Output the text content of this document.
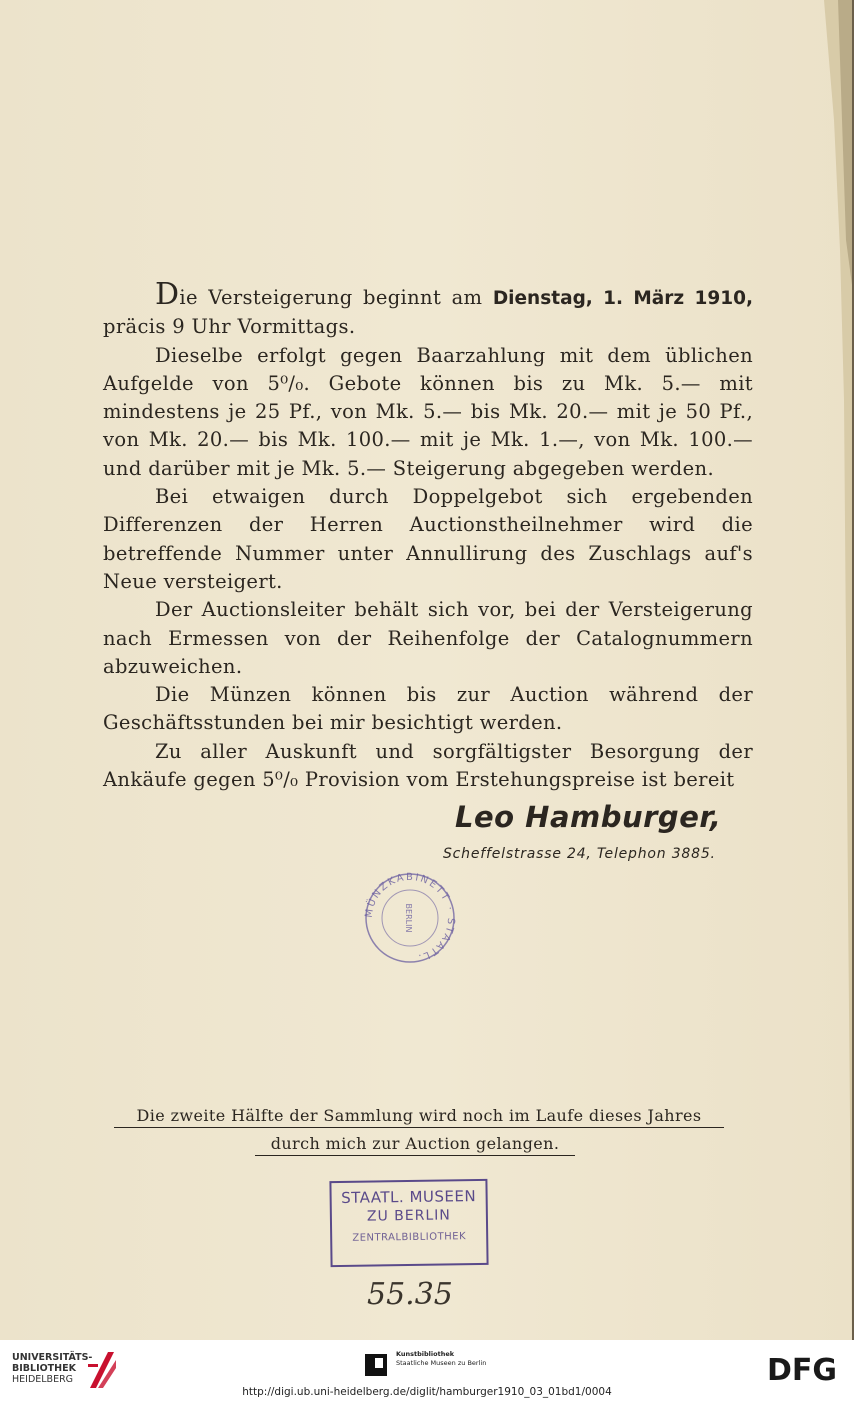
Die Versteigerung beginnt am Dienstag, 1. März 1910, präcis 9 Uhr Vormittags.

Dieselbe erfolgt gegen Baarzahlung mit dem üblichen Aufgelde von 5⁰/₀. Gebote können bis zu Mk. 5.— mit mindestens je 25 Pf., von Mk. 5.— bis Mk. 20.— mit je 50 Pf., von Mk. 20.— bis Mk. 100.— mit je Mk. 1.—, von Mk. 100.— und darüber mit je Mk. 5.— Steigerung abgegeben werden.

Bei etwaigen durch Doppelgebot sich ergebenden Differenzen der Herren Auctionstheilnehmer wird die betreffende Nummer unter Annullirung des Zuschlags auf's Neue versteigert.

Der Auctionsleiter behält sich vor, bei der Versteigerung nach Ermessen von der Reihenfolge der Catalognummern abzuweichen.

Die Münzen können bis zur Auction während der Geschäftsstunden bei mir besichtigt werden.

Zu aller Auskunft und sorgfältigster Besorgung der Ankäufe gegen 5⁰/₀ Provision vom Erstehungspreise ist bereit

Leo Hamburger,
Scheffelstrasse 24, Telephon 3885.
MÜNZKABINETT · STAATL.
BERLIN
Die zweite Hälfte der Sammlung wird noch im Laufe dieses Jahres
durch mich zur Auction gelangen.
STAATL. MUSEEN
ZU BERLIN
ZENTRALBIBLIOTHEK
55.35
UNIVERSITÄTS-
BIBLIOTHEK
HEIDELBERG
Kunstbibliothek
Staatliche Museen zu Berlin	DFG
http://digi.ub.uni-heidelberg.de/diglit/hamburger1910_03_01bd1/0004
